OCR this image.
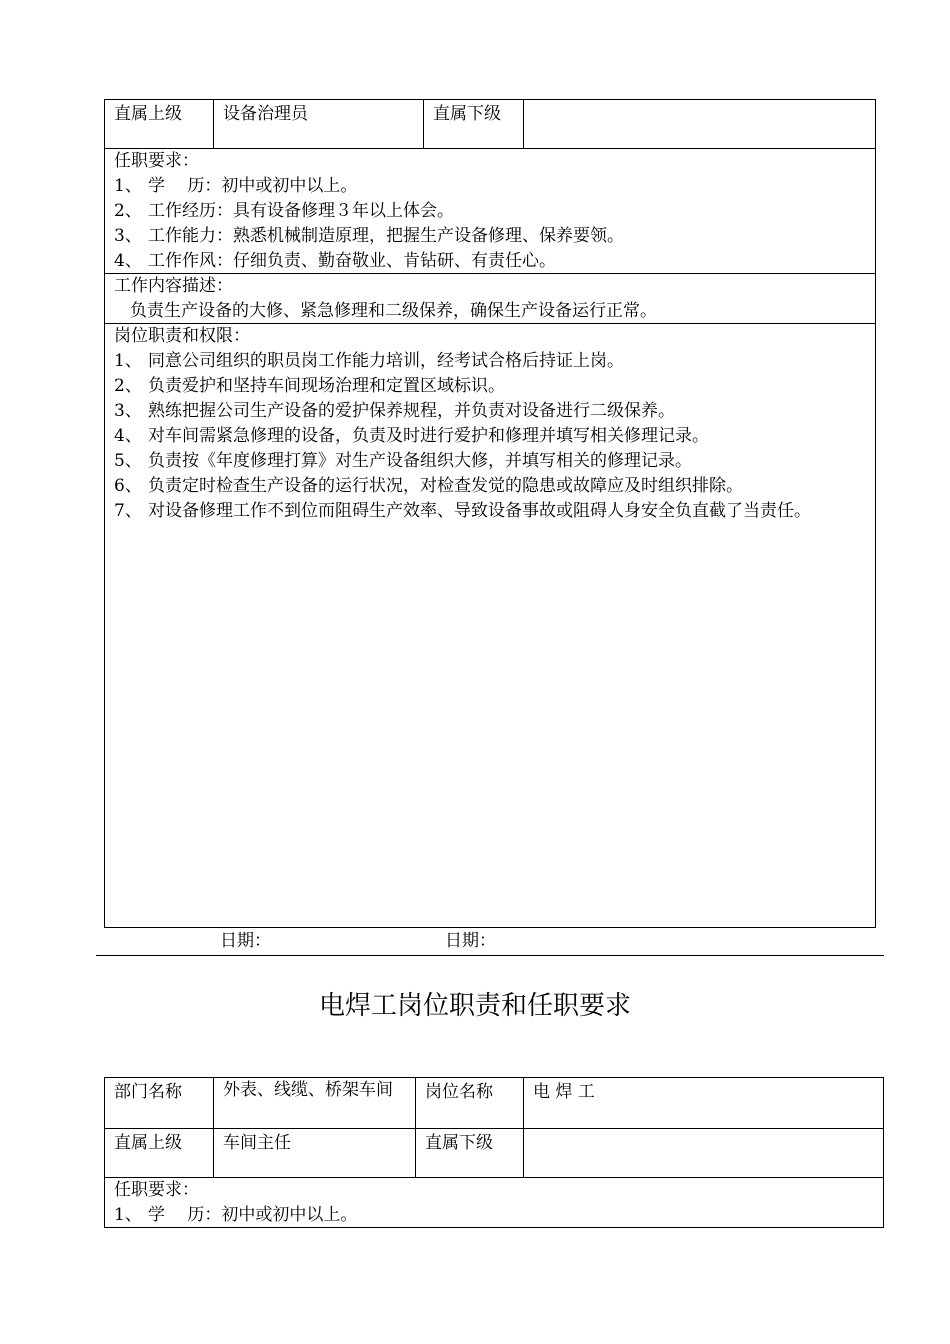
直属上级	设备治理员	直属下级
任职要求：
1、 学　 历：初中或初中以上。
2、 工作经历：具有设备修理３年以上体会。
3、 工作能力：熟悉机械制造原理，把握生产设备修理、保养要领。
4、 工作作风：仔细负责、勤奋敬业、肯钻研、有责任心。
工作内容描述：
负责生产设备的大修、紧急修理和二级保养，确保生产设备运行正常。
岗位职责和权限：
1、 同意公司组织的职员岗工作能力培训，经考试合格后持证上岗。
2、 负责爱护和坚持车间现场治理和定置区域标识。
3、 熟练把握公司生产设备的爱护保养规程，并负责对设备进行二级保养。
4、 对车间需紧急修理的设备，负责及时进行爱护和修理并填写相关修理记录。
5、 负责按《年度修理打算》对生产设备组织大修，并填写相关的修理记录。
6、 负责定时检查生产设备的运行状况，对检查发觉的隐患或故障应及时组织排除。
7、 对设备修理工作不到位而阻碍生产效率、导致设备事故或阻碍人身安全负直截了当责任。
日期：	日期：
电焊工岗位职责和任职要求
部门名称	外表、线缆、桥架车间	岗位名称	电 焊 工
直属上级	车间主任	直属下级
任职要求：
1、 学　 历：初中或初中以上。
